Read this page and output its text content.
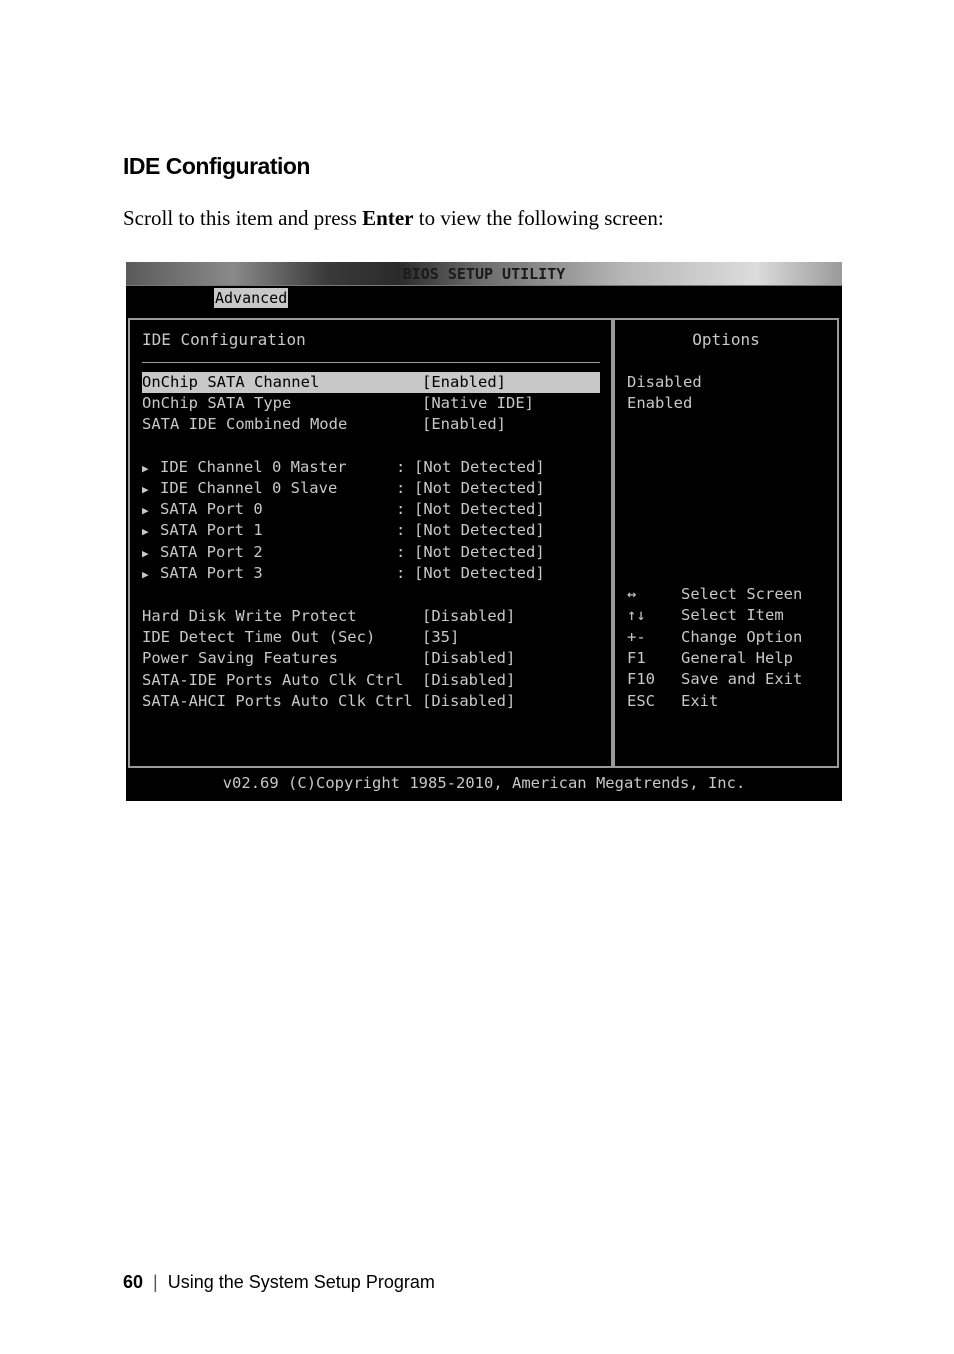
IDE Configuration

Scroll to this item and press Enter to view the following screen:

BIOS SETUP UTILITY
Advanced
IDE Configuration
OnChip SATA Channel	[Enabled]
OnChip SATA Type	[Native IDE]
SATA IDE Combined Mode	[Enabled]
▶ IDE Channel 0 Master	: [Not Detected]
▶ IDE Channel 0 Slave	: [Not Detected]
▶ SATA Port 0	: [Not Detected]
▶ SATA Port 1	: [Not Detected]
▶ SATA Port 2	: [Not Detected]
▶ SATA Port 3	: [Not Detected]
Hard Disk Write Protect	[Disabled]
IDE Detect Time Out (Sec)	[35]
Power Saving Features	[Disabled]
SATA-IDE Ports Auto Clk Ctrl [Disabled]
SATA-AHCI Ports Auto Clk Ctrl [Disabled]
Options
Disabled
Enabled
↔	Select Screen
↑↓ Select Item
+- Change Option
F1 General Help
F10 Save and Exit
ESC Exit
v02.69 (C)Copyright 1985-2010, American Megatrends, Inc.
60 | Using the System Setup Program
